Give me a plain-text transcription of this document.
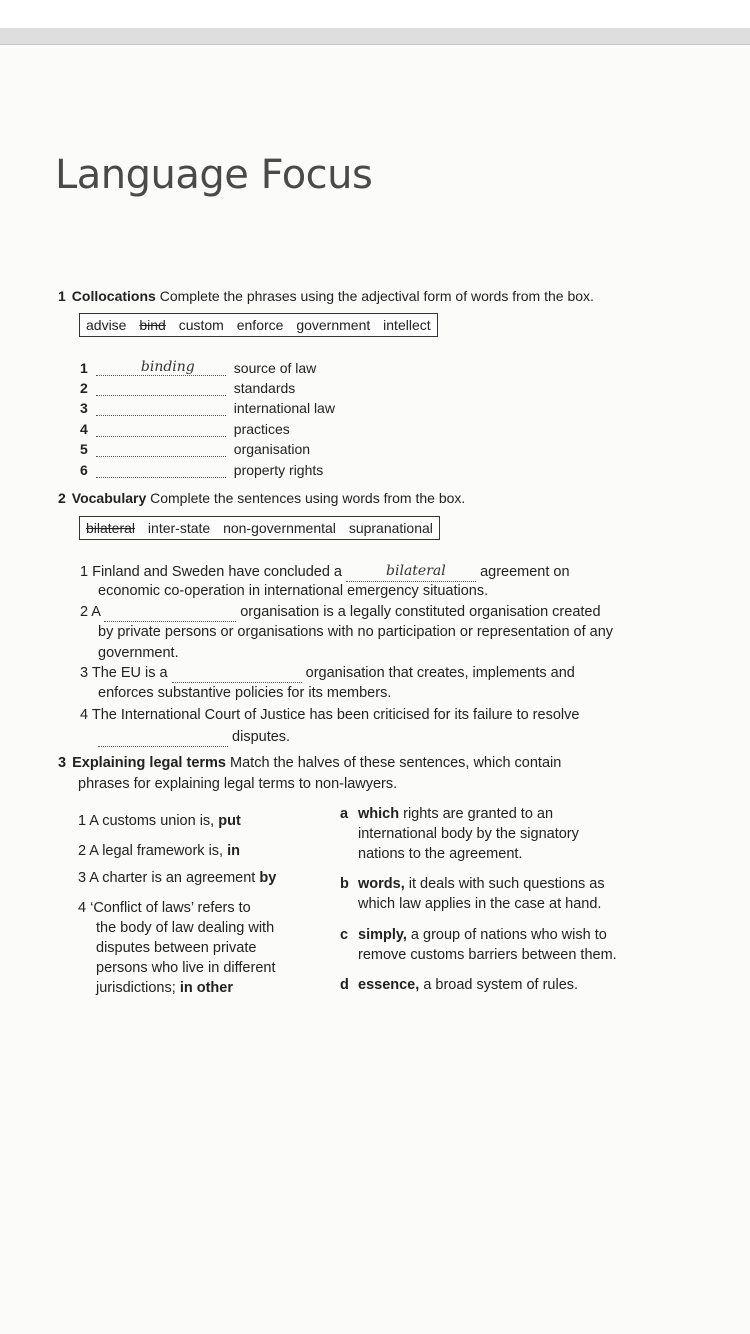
Language Focus
1 Collocations Complete the phrases using the adjectival form of words from the box.
advise bind custom enforce government intellect
1	binding	source of law
2	standards
3	international law
4	practices
5	organisation
6	property rights
2 Vocabulary Complete the sentences using words from the box.
bilateral inter-state non-governmental supranational
1 Finland and Sweden have concluded a	bilateral agreement on
economic co-operation in international emergency situations.
2 A	organisation is a legally constituted organisation created
by private persons or organisations with no participation or representation of any
government.
3 The EU is a	organisation that creates, implements and
enforces substantive policies for its members.
4 The International Court of Justice has been criticised for its failure to resolve
disputes.
3 Explaining legal terms Match the halves of these sentences, which contain
phrases for explaining legal terms to non-lawyers.
1 A customs union is, put
2 A legal framework is, in
3 A charter is an agreement by
4 ‘Conflict of laws’ refers to
the body of law dealing with
disputes between private
persons who live in different
jurisdictions; in other
a which rights are granted to an
international body by the signatory
nations to the agreement.
b words, it deals with such questions as
which law applies in the case at hand.
c simply, a group of nations who wish to
remove customs barriers between them.
d essence, a broad system of rules.
